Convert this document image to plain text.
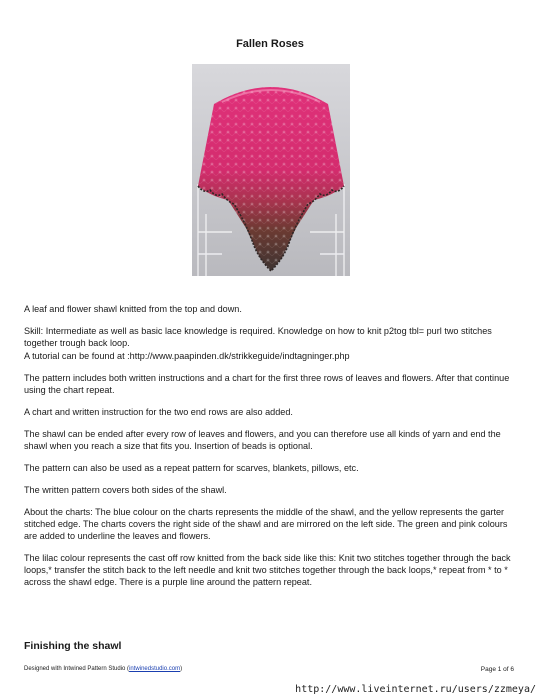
Fallen Roses

A leaf and flower shawl knitted from the top and down.

Skill: Intermediate as well as basic lace knowledge is required. Knowledge on how to knit p2tog tbl= purl two stitches together trough back loop.

A tutorial can be found at :http://www.paapinden.dk/strikkeguide/indtagninger.php

The pattern includes both written instructions and a chart for the first three rows of leaves and flowers. After that continue using the chart repeat.

A chart and written instruction for the two end rows are also added.

The shawl can be ended after every row of leaves and flowers, and you can therefore use all kinds of yarn and end the shawl when you reach a size that fits you. Insertion of beads is optional.

The pattern can also be used as a repeat pattern for scarves, blankets, pillows, etc.

The written pattern covers both sides of the shawl.

About the charts: The blue colour on the charts represents the middle of the shawl, and the yellow represents the garter stitched edge. The charts covers the right side of the shawl and are mirrored on the left side. The green and pink colours are added to underline the leaves and flowers.

The lilac colour represents the cast off row knitted from the back side like this: Knit two stitches together through the back loops,* transfer the stitch back to the left needle and knit two stitches together through the back loops,* repeat from * to * across the shawl edge. There is a purple line around the pattern repeat.

Finishing the shawl
Designed with Intwined Pattern Studio (intwinedstudio.com)	Page 1 of 6
http://www.liveinternet.ru/users/zzmeya/
